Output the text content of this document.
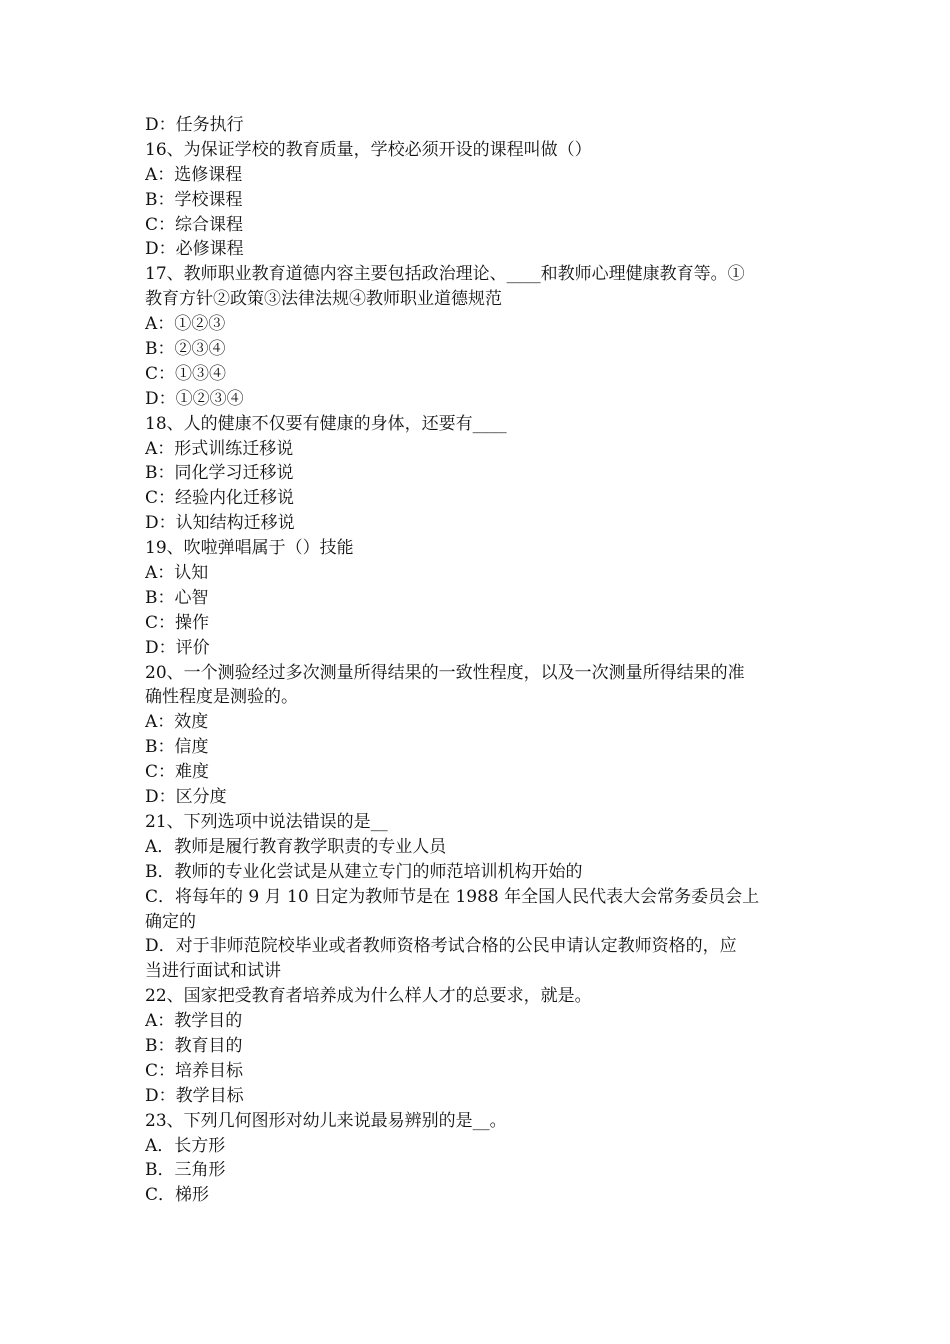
D：任务执行
16、为保证学校的教育质量，学校必须开设的课程叫做（）
A：选修课程
B：学校课程
C：综合课程
D：必修课程
17、教师职业教育道德内容主要包括政治理论、____和教师心理健康教育等。①
教育方针②政策③法律法规④教师职业道德规范
A：①②③
B：②③④
C：①③④
D：①②③④
18、人的健康不仅要有健康的身体，还要有____
A：形式训练迁移说
B：同化学习迁移说
C：经验内化迁移说
D：认知结构迁移说
19、吹啦弹唱属于（）技能
A：认知
B：心智
C：操作
D：评价
20、一个测验经过多次测量所得结果的一致性程度，以及一次测量所得结果的准
确性程度是测验的。
A：效度
B：信度
C：难度
D：区分度
21、下列选项中说法错误的是__
A．教师是履行教育教学职责的专业人员
B．教师的专业化尝试是从建立专门的师范培训机构开始的
C．将每年的 9 月 10 日定为教师节是在 1988 年全国人民代表大会常务委员会上
确定的
D．对于非师范院校毕业或者教师资格考试合格的公民申请认定教师资格的，应
当进行面试和试讲
22、国家把受教育者培养成为什么样人才的总要求，就是。
A：教学目的
B：教育目的
C：培养目标
D：教学目标
23、下列几何图形对幼儿来说最易辨别的是__。
A．长方形
B．三角形
C．梯形
